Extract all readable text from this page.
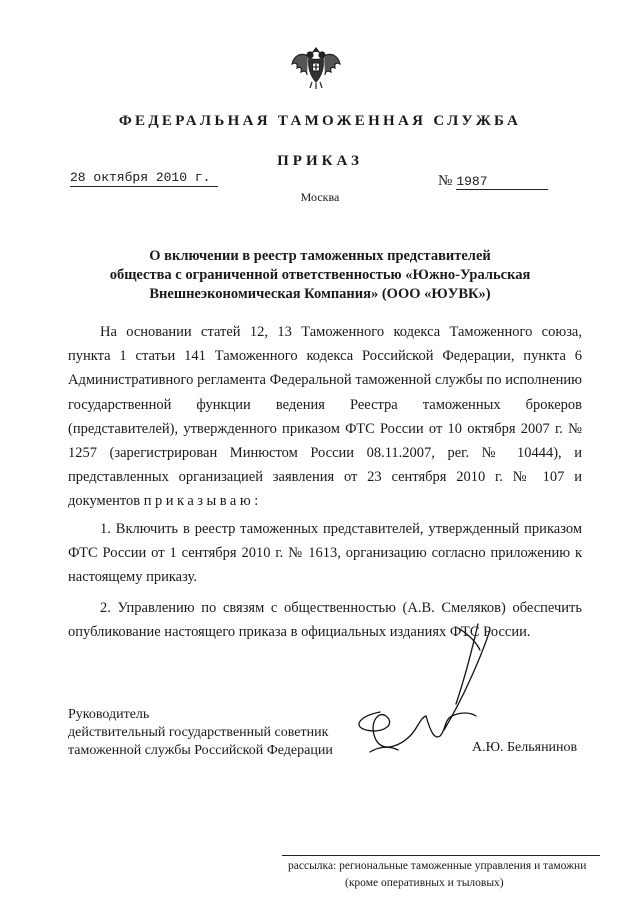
ФЕДЕРАЛЬНАЯ ТАМОЖЕННАЯ СЛУЖБА
ПРИКАЗ
28 октября 2010 г.	№ 1987
Москва
О включении в реестр таможенных представителей
общества с ограниченной ответственностью «Южно-Уральская
Внешнеэкономическая Компания» (ООО «ЮУВК»)

На основании статей 12, 13 Таможенного кодекса Таможенного союза, пункта 1 статьи 141 Таможенного кодекса Российской Федерации, пункта 6 Административного регламента Федеральной таможенной службы по исполнению государственной функции ведения Реестра таможенных брокеров (представителей), утвержденного приказом ФТС России от 10 октября 2007 г. № 1257 (зарегистрирован Минюстом России 08.11.2007, рег. № 10444), и представленных организацией заявления от 23 сентября 2010 г. № 107 и документов приказываю:

1. Включить в реестр таможенных представителей, утвержденный приказом ФТС России от 1 сентября 2010 г. № 1613, организацию согласно приложению к настоящему приказу.

2. Управлению по связям с общественностью (А.В. Смеляков) обеспечить опубликование настоящего приказа в официальных изданиях ФТС России.

Руководитель
действительный государственный советник
таможенной службы Российской Федерации	А.Ю. Бельянинов
рассылка: региональные таможенные управления и таможни
(кроме оперативных и тыловых)
